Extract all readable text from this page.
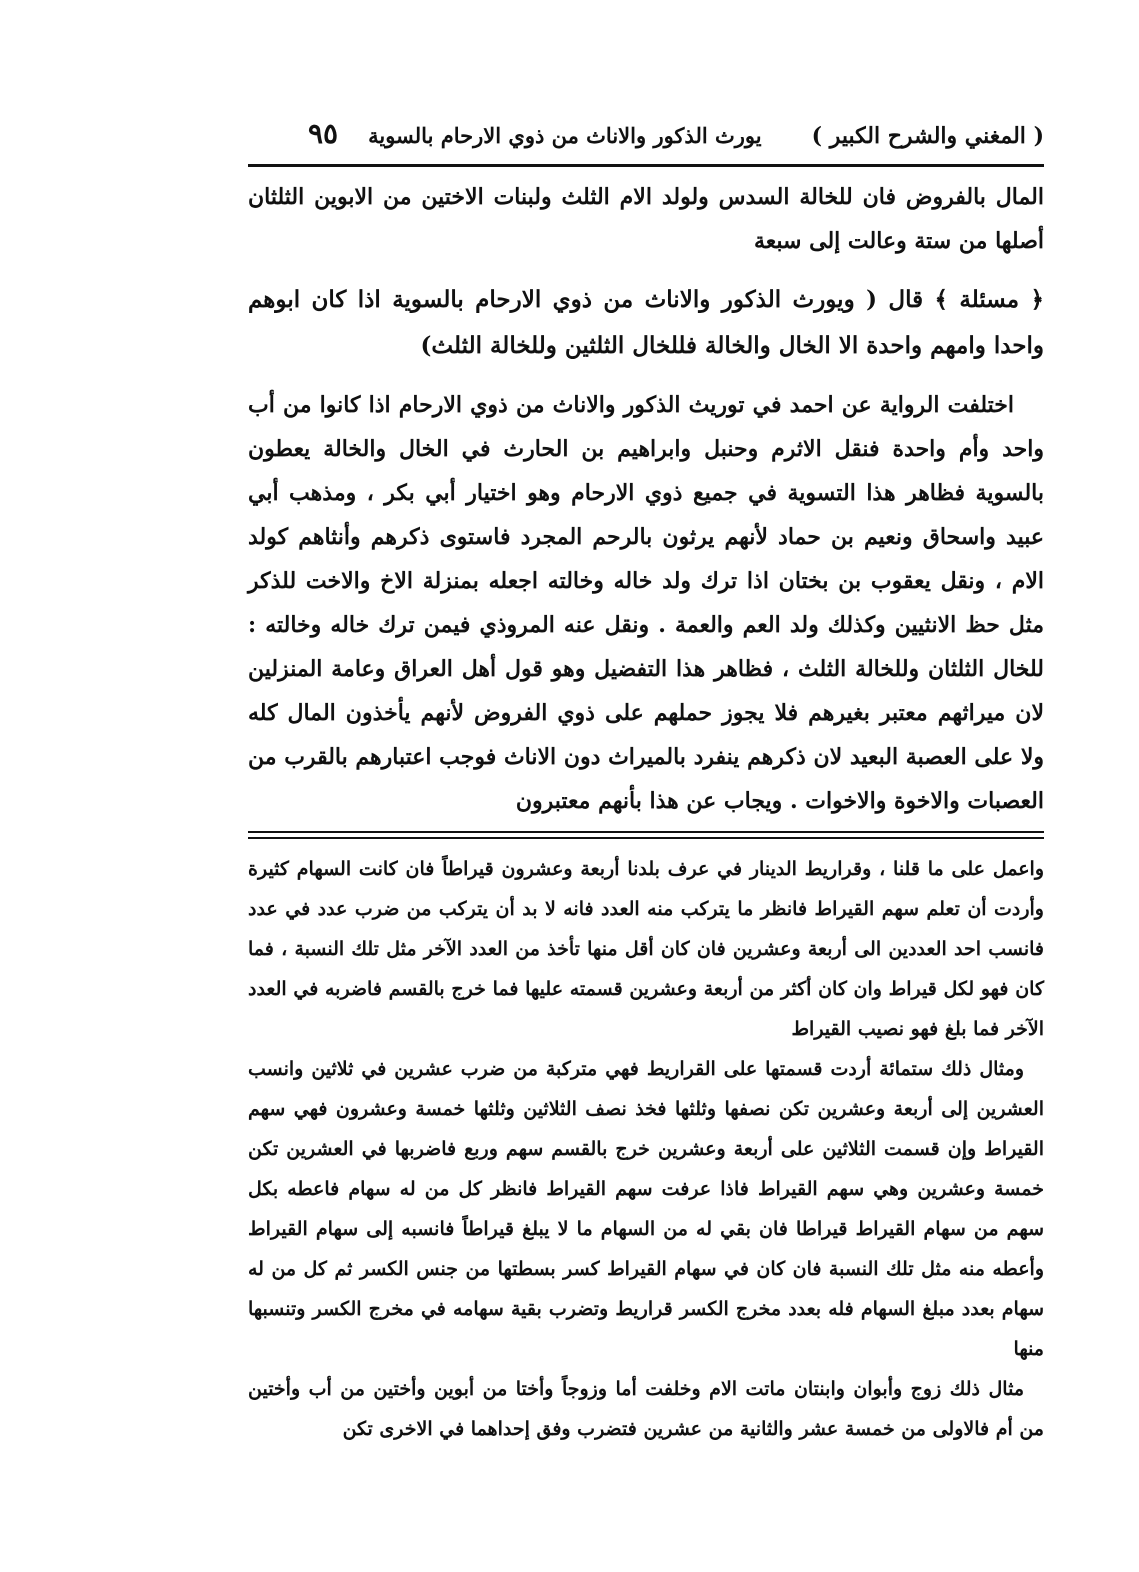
( المغني والشرح الكبير )
يورث الذكور والاناث من ذوي الارحام بالسوية
٩٥

المال بالفروض فان للخالة السدس ولولد الام الثلث ولبنات الاختين من الابوين الثلثان أصلها من ستة وعالت إلى سبعة

﴿ مسئلة ﴾ قال ( ويورث الذكور والاناث من ذوي الارحام بالسوية اذا كان ابوهم واحدا وامهم واحدة الا الخال والخالة فللخال الثلثين وللخالة الثلث)

اختلفت الرواية عن احمد في توريث الذكور والاناث من ذوي الارحام اذا كانوا من أب واحد وأم واحدة فنقل الاثرم وحنبل وابراهيم بن الحارث في الخال والخالة يعطون بالسوية فظاهر هذا التسوية في جميع ذوي الارحام وهو اختيار أبي بكر ، ومذهب أبي عبيد واسحاق ونعيم بن حماد لأنهم يرثون بالرحم المجرد فاستوى ذكرهم وأنثاهم كولد الام ، ونقل يعقوب بن بختان اذا ترك ولد خاله وخالته اجعله بمنزلة الاخ والاخت للذكر مثل حظ الانثيين وكذلك ولد العم والعمة . ونقل عنه المروذي فيمن ترك خاله وخالته : للخال الثلثان وللخالة الثلث ، فظاهر هذا التفضيل وهو قول أهل العراق وعامة المنزلين لان ميراثهم معتبر بغيرهم فلا يجوز حملهم على ذوي الفروض لأنهم يأخذون المال كله ولا على العصبة البعيد لان ذكرهم ينفرد بالميراث دون الاناث فوجب اعتبارهم بالقرب من العصبات والاخوة والاخوات . ويجاب عن هذا بأنهم معتبرون

واعمل على ما قلنا ، وقراريط الدينار في عرف بلدنا أربعة وعشرون قيراطاً فان كانت السهام كثيرة وأردت أن تعلم سهم القيراط فانظر ما يتركب منه العدد فانه لا بد أن يتركب من ضرب عدد في عدد فانسب احد العددين الى أربعة وعشرين فان كان أقل منها تأخذ من العدد الآخر مثل تلك النسبة ، فما كان فهو لكل قيراط وان كان أكثر من أربعة وعشرين قسمته عليها فما خرج بالقسم فاضربه في العدد الآخر فما بلغ فهو نصيب القيراط

ومثال ذلك ستمائة أردت قسمتها على القراريط فهي متركبة من ضرب عشرين في ثلاثين وانسب العشرين إلى أربعة وعشرين تكن نصفها وثلثها فخذ نصف الثلاثين وثلثها خمسة وعشرون فهي سهم القيراط وإن قسمت الثلاثين على أربعة وعشرين خرج بالقسم سهم وربع فاضربها في العشرين تكن خمسة وعشرين وهي سهم القيراط فاذا عرفت سهم القيراط فانظر كل من له سهام فاعطه بكل سهم من سهام القيراط قيراطا فان بقي له من السهام ما لا يبلغ قيراطاً فانسبه إلى سهام القيراط وأعطه منه مثل تلك النسبة فان كان في سهام القيراط كسر بسطتها من جنس الكسر ثم كل من له سهام بعدد مبلغ السهام فله بعدد مخرج الكسر قراريط وتضرب بقية سهامه في مخرج الكسر وتنسبها منها

مثال ذلك زوج وأبوان وابنتان ماتت الام وخلفت أما وزوجاً وأختا من أبوين وأختين من أب وأختين من أم فالاولى من خمسة عشر والثانية من عشرين فتضرب وفق إحداهما في الاخرى تكن
